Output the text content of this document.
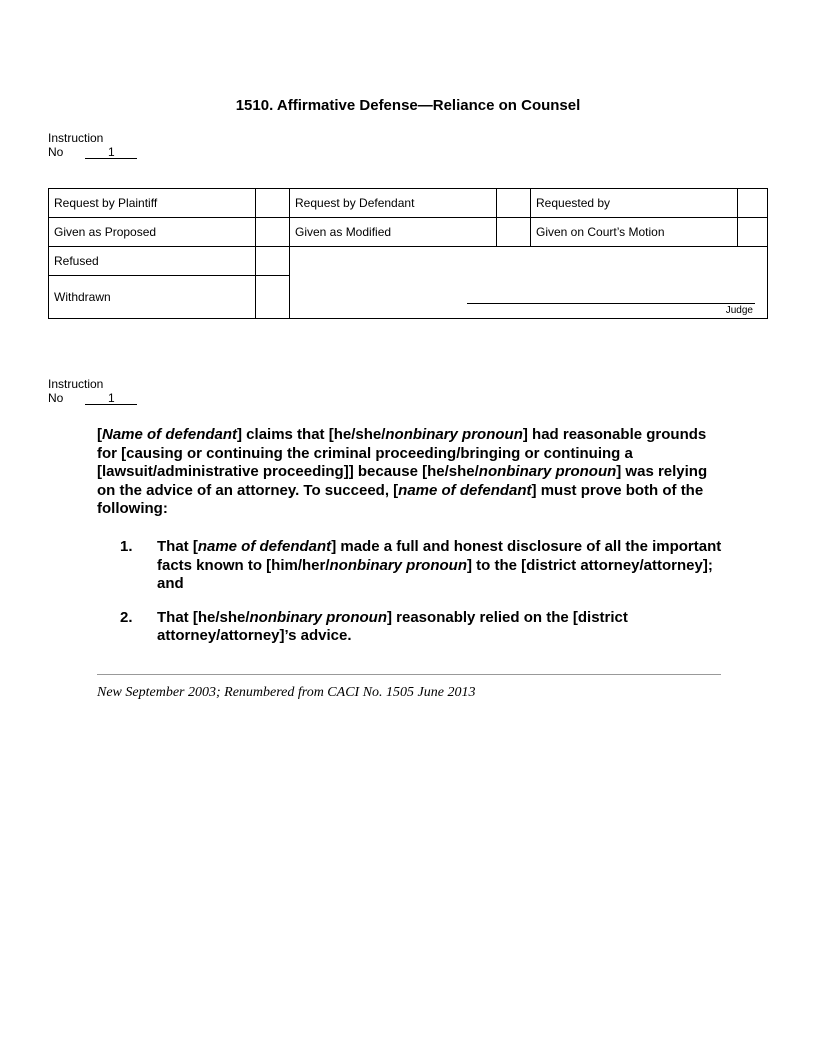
1510. Affirmative Defense—Reliance on Counsel
Instruction
No	1
Request by Plaintiff	Request by Defendant	Requested by
Given as Proposed	Given as Modified	Given on Court’s Motion
Refused
Withdrawn
Judge
Instruction
No	1

[Name of defendant] claims that [he/she/nonbinary pronoun] had reasonable grounds for [causing or continuing the criminal proceeding/bringing or continuing a [lawsuit/administrative proceeding]] because [he/she/nonbinary pronoun] was relying on the advice of an attorney. To succeed, [name of defendant] must prove both of the following:

1. That [name of defendant] made a full and honest disclosure of all the important facts known to [him/her/nonbinary pronoun] to the [district attorney/attorney]; and
2. That [he/she/nonbinary pronoun] reasonably relied on the [district attorney/attorney]’s advice.
New September 2003; Renumbered from CACI No. 1505 June 2013
